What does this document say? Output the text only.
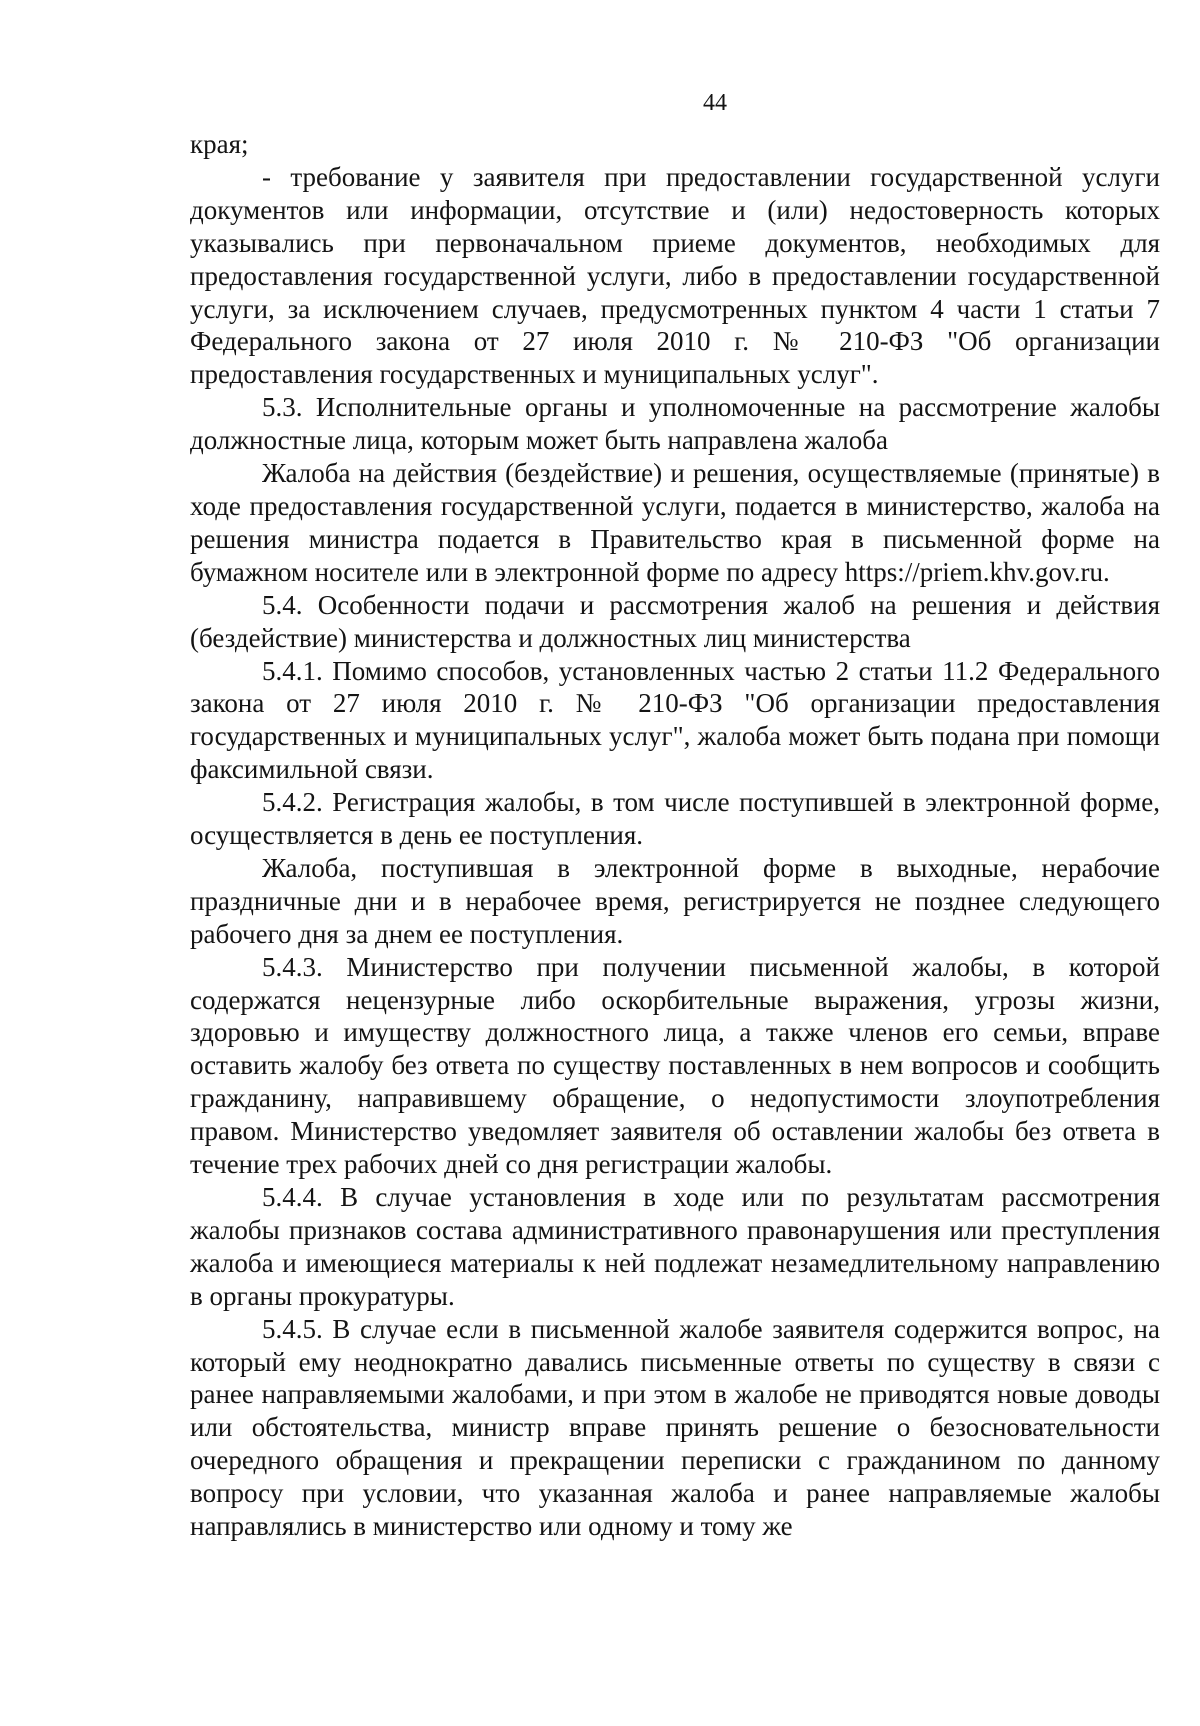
44

края;

- требование у заявителя при предоставлении государственной услуги документов или информации, отсутствие и (или) недостоверность которых указывались при первоначальном приеме документов, необходимых для предоставления государственной услуги, либо в предоставлении государственной услуги, за исключением случаев, предусмотренных пунктом 4 части 1 статьи 7 Федерального закона от 27 июля 2010 г. № 210-ФЗ "Об организации предоставления государственных и муниципальных услуг".

5.3. Исполнительные органы и уполномоченные на рассмотрение жалобы должностные лица, которым может быть направлена жалоба

Жалоба на действия (бездействие) и решения, осуществляемые (принятые) в ходе предоставления государственной услуги, подается в министерство, жалоба на решения министра подается в Правительство края в письменной форме на бумажном носителе или в электронной форме по адресу https://priem.khv.gov.ru.

5.4. Особенности подачи и рассмотрения жалоб на решения и действия (бездействие) министерства и должностных лиц министерства

5.4.1. Помимо способов, установленных частью 2 статьи 11.2 Федерального закона от 27 июля 2010 г. № 210-ФЗ "Об организации предоставления государственных и муниципальных услуг", жалоба может быть подана при помощи факсимильной связи.

5.4.2. Регистрация жалобы, в том числе поступившей в электронной форме, осуществляется в день ее поступления.

Жалоба, поступившая в электронной форме в выходные, нерабочие праздничные дни и в нерабочее время, регистрируется не позднее следующего рабочего дня за днем ее поступления.

5.4.3. Министерство при получении письменной жалобы, в которой содержатся нецензурные либо оскорбительные выражения, угрозы жизни, здоровью и имуществу должностного лица, а также членов его семьи, вправе оставить жалобу без ответа по существу поставленных в нем вопросов и сообщить гражданину, направившему обращение, о недопустимости злоупотребления правом. Министерство уведомляет заявителя об оставлении жалобы без ответа в течение трех рабочих дней со дня регистрации жалобы.

5.4.4. В случае установления в ходе или по результатам рассмотрения жалобы признаков состава административного правонарушения или преступления жалоба и имеющиеся материалы к ней подлежат незамедлительному направлению в органы прокуратуры.

5.4.5. В случае если в письменной жалобе заявителя содержится вопрос, на который ему неоднократно давались письменные ответы по существу в связи с ранее направляемыми жалобами, и при этом в жалобе не приводятся новые доводы или обстоятельства, министр вправе принять решение о безосновательности очередного обращения и прекращении переписки с гражданином по данному вопросу при условии, что указанная жалоба и ранее направляемые жалобы направлялись в министерство или одному и тому же
